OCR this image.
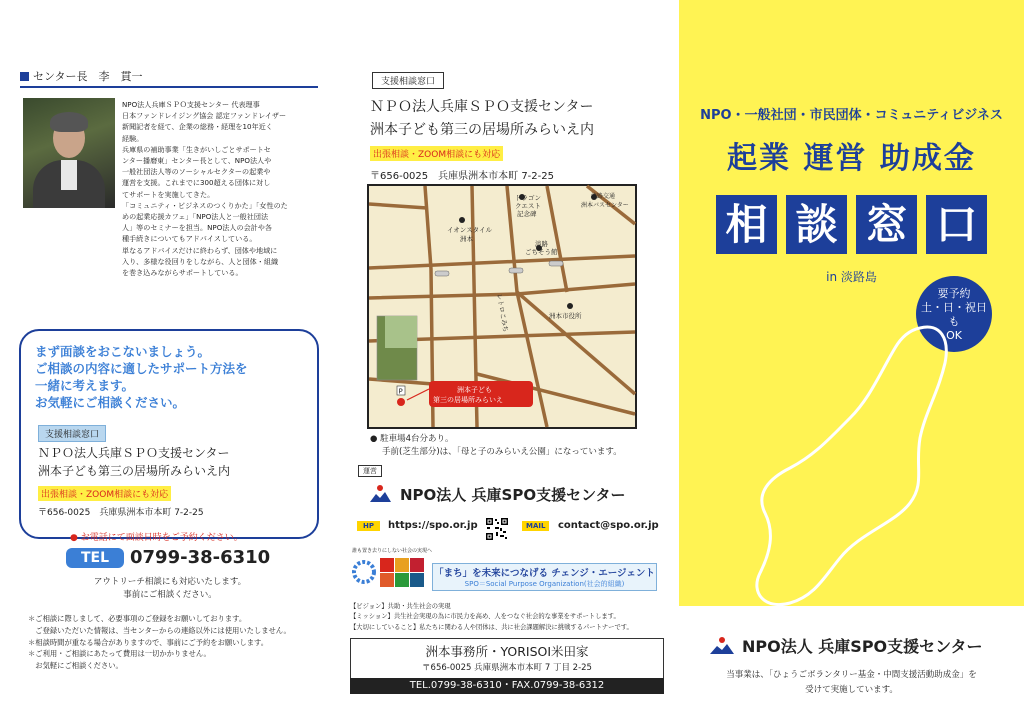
センター長　李　貫一

NPO法人兵庫ＳＰＯ支援センター 代表理事

日本ファンドレイジング協会 認定ファンドレイザー

新聞記者を経て、企業の総務・経理を10年近く

経験。

兵庫県の補助事業「生きがいしごとサポートセ

ンター播磨東」センター長として、NPO法人や

一般社団法人等のソーシャルセクターの起業や

運営を支援。これまでに300超える団体に対し

てサポートを実施してきた。

「コミュニティ・ビジネスのつくりかた」「女性のた

めの起業応援カフェ」「NPO法人と一般社団法

人」等のセミナーを担当。NPO法人の会計や各

種手続きについてもアドバイスしている。

単なるアドバイスだけに終わらず、団体や地域に

入り、多様な役回りをしながら、人と団体・組織

を巻き込みながらサポートしている。

まず面談をおこないましょう。
ご相談の内容に適したサポート方法を
一緒に考えます。
お気軽にご相談ください。
支援相談窓口
ＮＰＯ法人兵庫ＳＰＯ支援センター
洲本子ども第三の居場所みらいえ内
出張相談・ZOOM相談にも対応
〒656-0025　兵庫県洲本市本町 7-2-25
● お電話にて面談日時をご予約ください。
TEL	0799-38-6310
アウトリーチ相談にも対応いたします。
事前にご相談ください。

＊ご相談に際しまして、必要事項のご登録をお願いしております。

　ご登録いただいた情報は、当センターからの連絡以外には使用いたしません。

＊相談時間が重なる場合がありますので、事前にご予約をお願いします。

＊ご利用・ご相談にあたって費用は一切かかりません。

　お気軽にご相談ください。

支援相談窓口
ＮＰＯ法人兵庫ＳＰＯ支援センター
洲本子ども第三の居場所みらいえ内
出張相談・ZOOM相談にも対応
〒656-0025　兵庫県洲本市本町 7-2-25
イオンスタイル
洲本
ドラゴン
クエスト
記念碑
淡路交通
洲本バスセンター
淡路
ごちそう館
洲本市役所
レトロこみち
P	洲本子ども
第三の居場所みらいえ
● 駐車場4台分あり。
手前(芝生部分)は、「母と子のみらいえ公園」になっています。
運営
NPO法人 兵庫SPO支援センター
HP	https://spo.or.jp	MAIL	contact@spo.or.jp
誰も置き去りにしない社会の実現へ
「まち」を未来につなげる チェンジ・エージェント
SPO＝Social Purpose Organization(社会的組織)

【ビジョン】共助・共生社会の実現

【ミッション】共生社会実現の為に市民力を高め、人をつなぐ社会的な事業をサポートします。

【大切にしていること】私たちに関わる人や団体は、共に社会課題解決に挑戦するパートナーです。

洲本事務所・YORISOI米田家
〒656-0025 兵庫県洲本市本町 7 丁目 2-25
TEL.0799-38-6310・FAX.0799-38-6312
NPO・一般社団・市民団体・コミュニティビジネス
起業 運営 助成金
相 談 窓 口
in 淡路島
要予約
土・日・祝日も
OK
NPO法人 兵庫SPO支援センター
当事業は、「ひょうごボランタリー基金・中間支援活動助成金」を
受けて実施しています。
